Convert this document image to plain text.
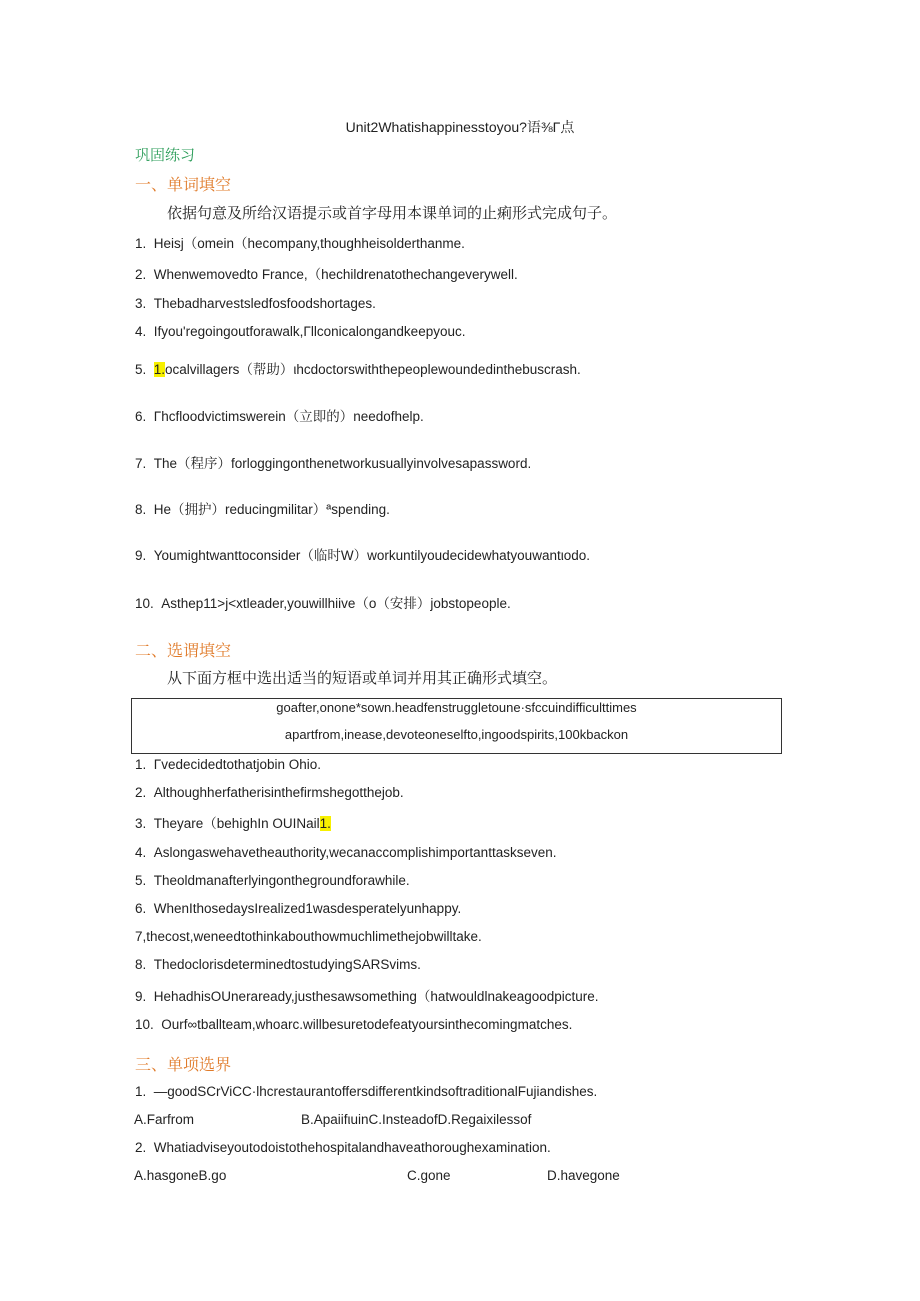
Unit2Whatishappinesstoyou?语⅜Γ点
巩固练习
一、单词填空
依据句意及所给汉语提示或首字母用本课单词的止痢形式完成句子。
1.  Heisj（omein（hecompany,thoughheisolderthanme.
2.  Whenwemovedto France,（hechildrenatothechangeverywell.
3.  Thebadharvestsledfosfoodshortages.
4.  Ifyou'regoingoutforawalk,Γllconicalongandkeepyouc.
5.  1.ocalvillagers（帮助）ιhcdoctorswiththepeoplewoundedinthebuscrash.
6.  Γhcfloodvictimswerein（立即的）needofhelp.
7.  The（程序）forloggingonthenetworkusuallyinvolvesapassword.
8.  He（拥护）reducingmilitar）ªspending.
9.  Youmightwanttoconsider（临时W）workuntilyoudecidewhatyouwantιodo.
10.  Asthep11>j<xtleader,youwillhiive（o（安排）jobstopeople.
二、选谓填空
从下面方框中选出适当的短语或单词并用其正确形式填空。
goafter,onone*sown.headfenstruggletoune·sfccuindifficulttimes
apartfrom,inease,devoteoneselfto,ingoodspirits,100kbackon
1.  Γvedecidedtothatjobin Ohio.
2.  Althoughherfatherisinthefirmshegotthejob.
3.  Theyare（behighIn OUINail1.
4.  Aslongaswehavetheauthority,wecanaccomplishimportanttasksevеn.
5.  Theoldmanafterlyingonthegroundforawhile.
6.  WhenIthosedaysIrealized1wasdesperatelyunhappy.
7,thecost,weneedtothinkabouthowmuchlimethejobwilltake.
8.  ThedoclorisdeterminedtostudyingSARSvims.
9.  HehadhisOUneraready,justhesawsomething（hatwouldlnakeagoodpicture.
10.  Ourf∞tballteam,whoarc.willbesuretodefeatyoursinthecomingmatches.
三、单项选界
1.  —goodSCrViCC·lhcrestaurantoffersdifferentkindsoftraditionalFujiandishes.
A.Farfrom	B.ApaiifιuinC.InsteadofD.Regaixilessof
2.  Whatiadviseyoutodoistothehospitalandhaveathoroughexamination.
A.hasgoneB.go	C.gone	D.havegone
